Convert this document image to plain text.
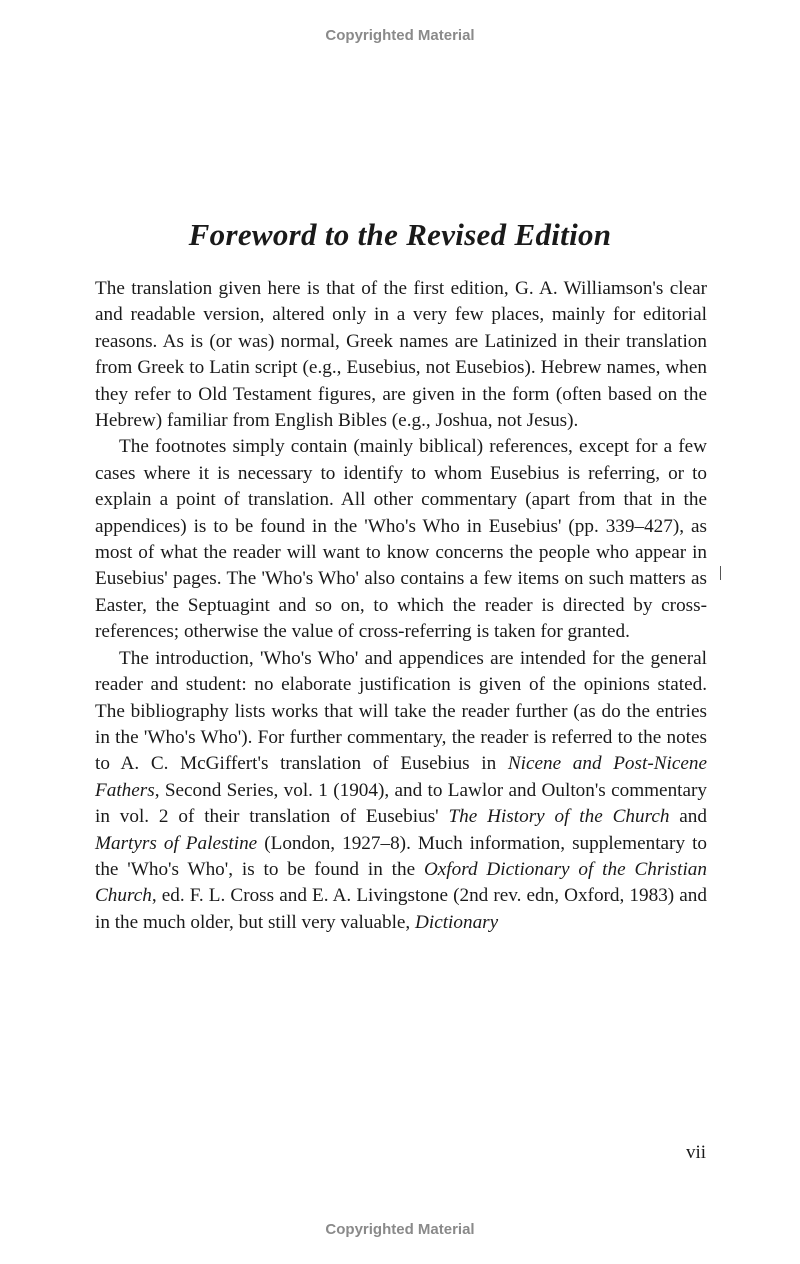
Copyrighted Material
Foreword to the Revised Edition

The translation given here is that of the first edition, G. A. Williamson's clear and readable version, altered only in a very few places, mainly for editorial reasons. As is (or was) normal, Greek names are Latinized in their translation from Greek to Latin script (e.g., Eusebius, not Eusebios). Hebrew names, when they refer to Old Testament figures, are given in the form (often based on the Hebrew) familiar from English Bibles (e.g., Joshua, not Jesus).

The footnotes simply contain (mainly biblical) references, except for a few cases where it is necessary to identify to whom Eusebius is referring, or to explain a point of translation. All other commentary (apart from that in the appendices) is to be found in the 'Who's Who in Eusebius' (pp. 339–427), as most of what the reader will want to know concerns the people who appear in Eusebius' pages. The 'Who's Who' also contains a few items on such matters as Easter, the Septuagint and so on, to which the reader is directed by cross-references; otherwise the value of cross-referring is taken for granted.

The introduction, 'Who's Who' and appendices are intended for the general reader and student: no elaborate justification is given of the opinions stated. The bibliography lists works that will take the reader further (as do the entries in the 'Who's Who'). For further commentary, the reader is referred to the notes to A. C. McGiffert's translation of Eusebius in Nicene and Post-Nicene Fathers, Second Series, vol. 1 (1904), and to Lawlor and Oulton's commentary in vol. 2 of their translation of Eusebius' The History of the Church and Martyrs of Palestine (London, 1927–8). Much information, supplementary to the 'Who's Who', is to be found in the Oxford Dictionary of the Christian Church, ed. F. L. Cross and E. A. Livingstone (2nd rev. edn, Oxford, 1983) and in the much older, but still very valuable, Dictionary

vii
Copyrighted Material
